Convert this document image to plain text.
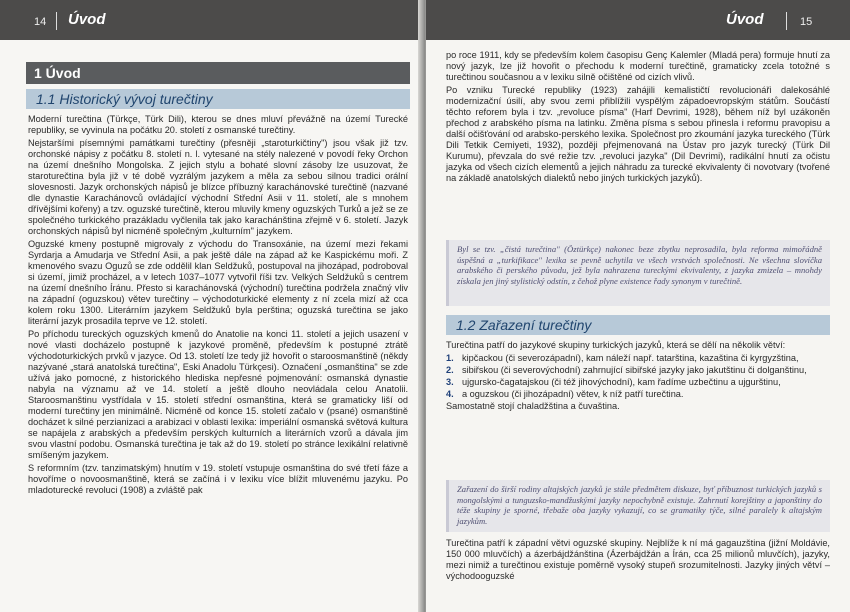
14 Úvod
1 Úvod
1.1 Historický vývoj turečtiny

Moderní turečtina (Türkçe, Türk Dili), kterou se dnes mluví převážně na území Turecké republiky, se vyvinula na počátku 20. století z osmanské turečtiny.

Nejstaršími písemnými památkami turečtiny (přesněji „staroturkičtiny") jsou však již tzv. orchonské nápisy z počátku 8. století n. l. vytesané na stély nalezené v povodí řeky Orchon na území dnešního Mongolska. Z jejich stylu a bohaté slovní zásoby lze usuzovat, že staroturečtina byla již v té době vyzrálým jazykem a měla za sebou silnou tradici orální slovesnosti. Jazyk orchonských nápisů je blízce příbuzný karachánovské turečtině (nazvané dle dynastie Karachánovců ovládající východní Střední Asii v 11. století, ale s mnohem dřívějšími kořeny) a tzv. oguzské turečtině, kterou mluvily kmeny oguzských Turků a jež se ze společného turkického prazákladu vyčlenila tak jako karachánština zřejmě v 6. století. Jazyk orchonských nápisů byl nicméně společným „kulturním" jazykem.

Oguzské kmeny postupně migrovaly z východu do Transoxánie, na území mezi řekami Syrdarja a Amudarja ve Střední Asii, a pak ještě dále na západ až ke Kaspickému moři. Z kmenového svazu Oguzů se zde oddělil klan Seldžuků, postupoval na jihozápad, podroboval si území, jimiž procházel, a v letech 1037–1077 vytvořil říši tzv. Velkých Seldžuků s centrem na území dnešního Íránu. Přesto si karachánovská (východní) turečtina podržela značný vliv na západní (oguzskou) větev turečtiny – východoturkické elementy z ní zcela mizí až cca kolem roku 1300. Literárním jazykem Seldžuků byla perština; oguzská turečtina se jako literární jazyk prosadila teprve ve 12. století.

Po příchodu tureckých oguzských kmenů do Anatolie na konci 11. století a jejich usazení v nové vlasti docházelo postupně k jazykové proměně, především k postupné ztrátě východoturkických prvků v jazyce. Od 13. století lze tedy již hovořit o staroosmanštině (někdy nazývané „stará anatolská turečtina", Eski Anadolu Türkçesi). Označení „osmanština" se zde užívá jako pomocné, z historického hlediska nepřesné pojmenování: osmanská dynastie nabyla na významu až ve 14. století a ještě dlouho neovládala celou Anatolii. Staroosmanštinu vystřídala v 15. století střední osmanština, která se gramaticky liší od moderní turečtiny jen minimálně. Nicméně od konce 15. století začalo v (psané) osmanštině docházet k silné perzianizaci a arabizaci v oblasti lexika: imperiální osmanská světová kultura se napájela z arabských a především perských kulturních a literárních vzorů a dávala jim svou vlastní podobu. Osmanská turečtina je tak až do 19. století po stránce lexikální relativně smíšeným jazykem.

S reformním (tzv. tanzimatským) hnutím v 19. století vstupuje osmanština do své třetí fáze a hovoříme o novoosmanštině, která se začíná i v lexiku více blížit mluvenému jazyku. Po mladoturecké revoluci (1908) a zvláště pak

Úvod	15

po roce 1911, kdy se především kolem časopisu Genç Kalemler (Mladá pera) formuje hnutí za nový jazyk, lze již hovořit o přechodu k moderní turečtině, gramaticky zcela totožné s turečtinou současnou a v lexiku silně očištěné od cizích vlivů.

Po vzniku Turecké republiky (1923) zahájili kemalističtí revolucionáři dalekosáhlé modernizační úsilí, aby svou zemi přiblížili vyspělým západoevropským státům. Součástí těchto reforem byla i tzv. „revoluce písma" (Harf Devrimi, 1928), během níž byl uzákoněn přechod z arabského písma na latinku. Změna písma s sebou přinesla i reformu pravopisu a další očišťování od arabsko-perského lexika. Společnost pro zkoumání jazyka tureckého (Türk Dili Tetkik Cemiyeti, 1932), později přejmenovaná na Ústav pro jazyk turecký (Türk Dil Kurumu), převzala do své režie tzv. „revoluci jazyka" (Dil Devrimi), radikální hnutí za očistu jazyka od všech cizích elementů a jejich náhradu za turecké ekvivalenty či novotvary (tvořené na základě anatolských dialektů nebo jiných turkických jazyků).

Byl se tzv. „čistá turečtina" (Öztürkçe) nakonec beze zbytku neprosadila, byla reforma mimořádně úspěšná a „turkifikace" lexika se pevně uchytila ve všech vrstvách společnosti. Ne všechna slovíčka arabského či perského původu, jež byla nahrazena tureckými ekvivalenty, z jazyka zmizela – mnohdy získala jen jiný stylistický odstín, z čehož plyne existence řady synonym v turečtině.
1.2 Zařazení turečtiny

Turečtina patří do jazykové skupiny turkických jazyků, která se dělí na několik větví:

1. kipčackou (či severozápadní), kam náleží např. tatarština, kazaština či kyrgyzština,
2. sibiřskou (či severovýchodní) zahrnující sibiřské jazyky jako jakutštinu či dolganštinu,
3. ujgursko-čagatajskou (či též jihovýchodní), kam řadíme uzbečtinu a ujgurštinu,
4. a oguzskou (či jihozápadní) větev, k níž patří turečtina.

Samostatně stojí chaladžština a čuvaština.

Zařazení do širší rodiny altajských jazyků je stále předmětem diskuze, byť příbuznost turkických jazyků s mongolskými a tunguzsko-mandžuskými jazyky nepochybně existuje. Zahrnutí korejštiny a japonštiny do téže skupiny je sporné, třebaže oba jazyky vykazují, co se gramatiky týče, silné paralely k altajským jazykům.

Turečtina patří k západní větvi oguzské skupiny. Nejblíže k ní má gagauzština (jižní Moldávie, 150 000 mluvčích) a ázerbájdžánština (Ázerbájdžán a Írán, cca 25 milionů mluvčích), jazyky, mezi nimiž a turečtinou existuje poměrně vysoký stupeň srozumitelnosti. Jazyky jiných větví – východooguzské
